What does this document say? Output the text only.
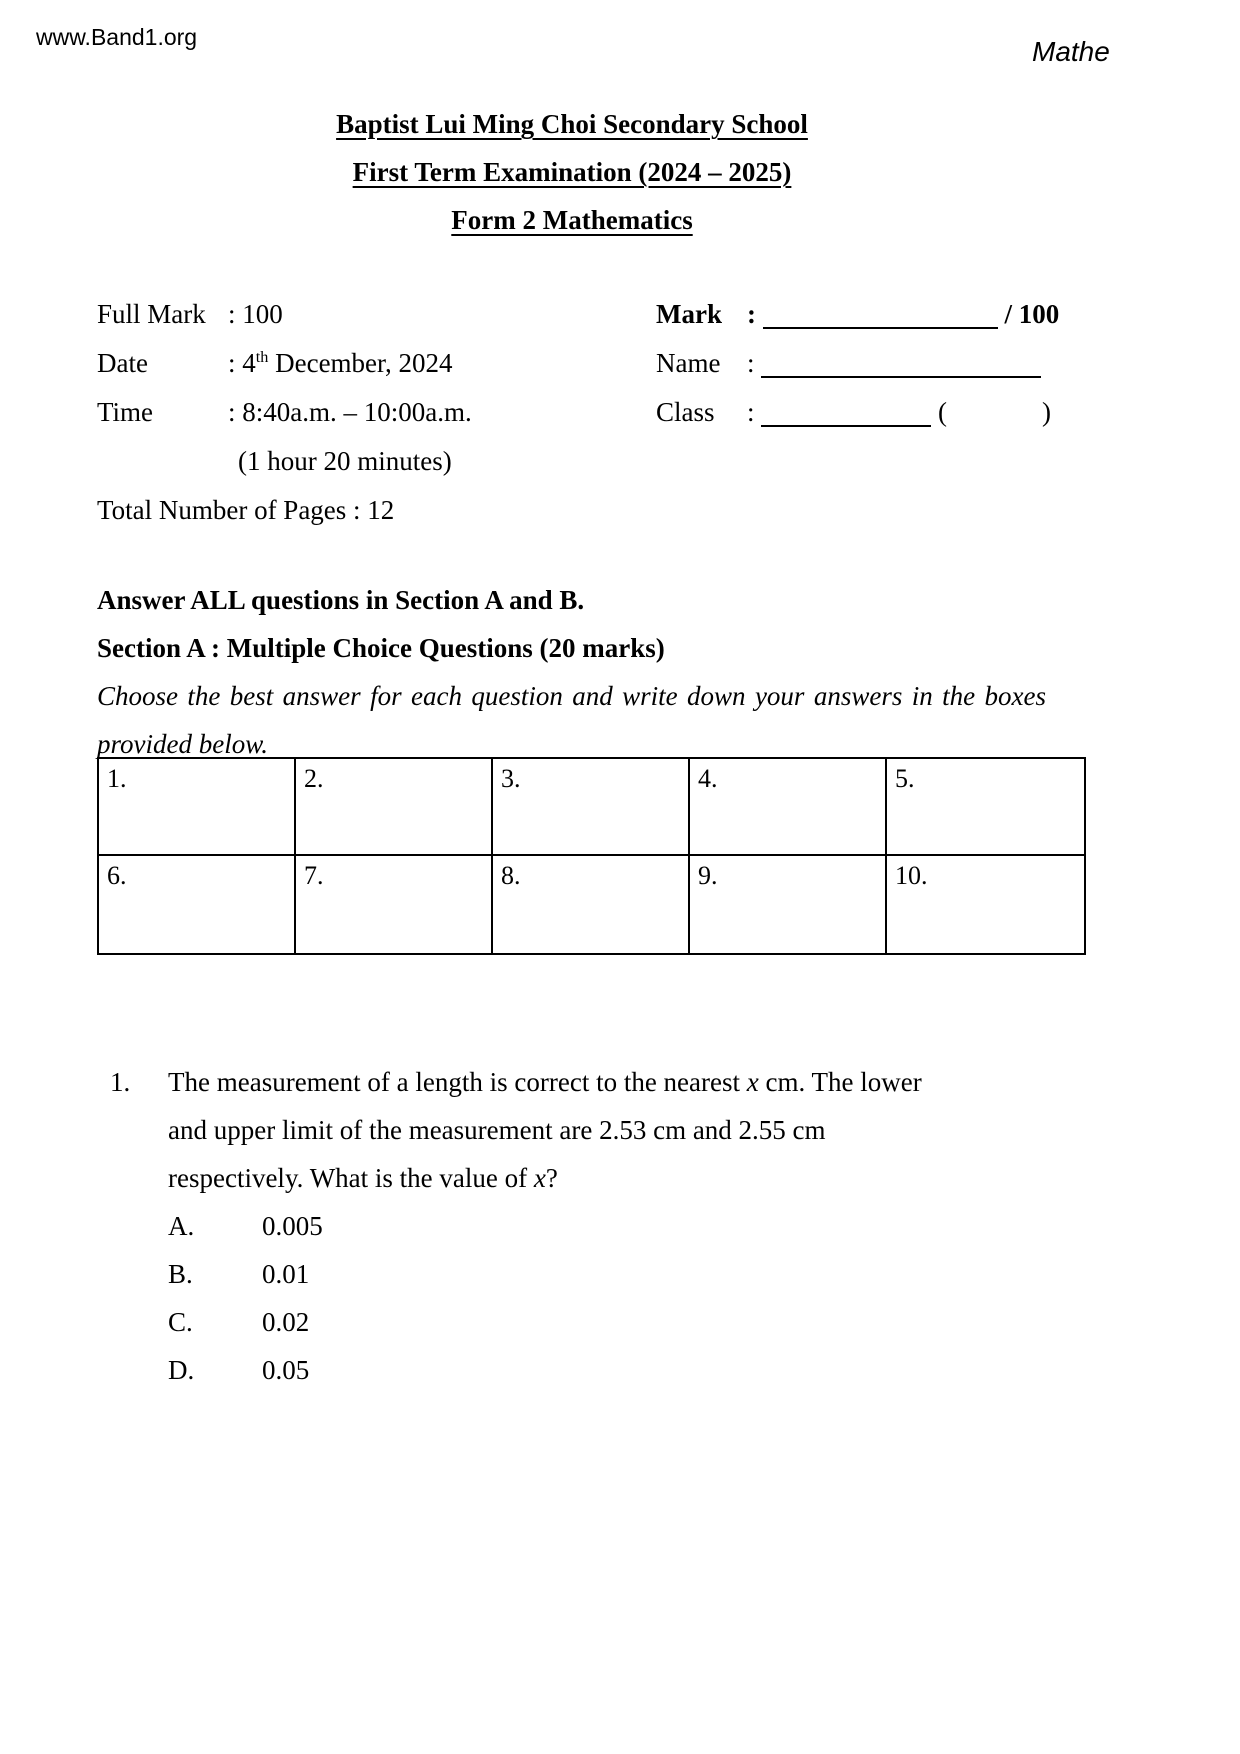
www.Band1.org	Mathe
Baptist Lui Ming Choi Secondary School
First Term Examination (2024 – 2025)
Form 2 Mathematics
Full Mark : 100
Date	: 4th December, 2024
Time	: 8:40a.m. – 10:00a.m.
(1 hour 20 minutes)
Total Number of Pages : 12
Mark :	/ 100
Name :
Class :	(	)
Answer ALL questions in Section A and B.
Section A : Multiple Choice Questions (20 marks)
Choose the best answer for each question and write down your answers in the boxes
provided below.
1.	2.	3.	4.	5.
6.	7.	8.	9.	10.
1.	The measurement of a length is correct to the nearest x cm. The lower
and upper limit of the measurement are 2.53 cm and 2.55 cm
respectively. What is the value of x?
A.	0.005
B.	0.01
C.	0.02
D.	0.05
